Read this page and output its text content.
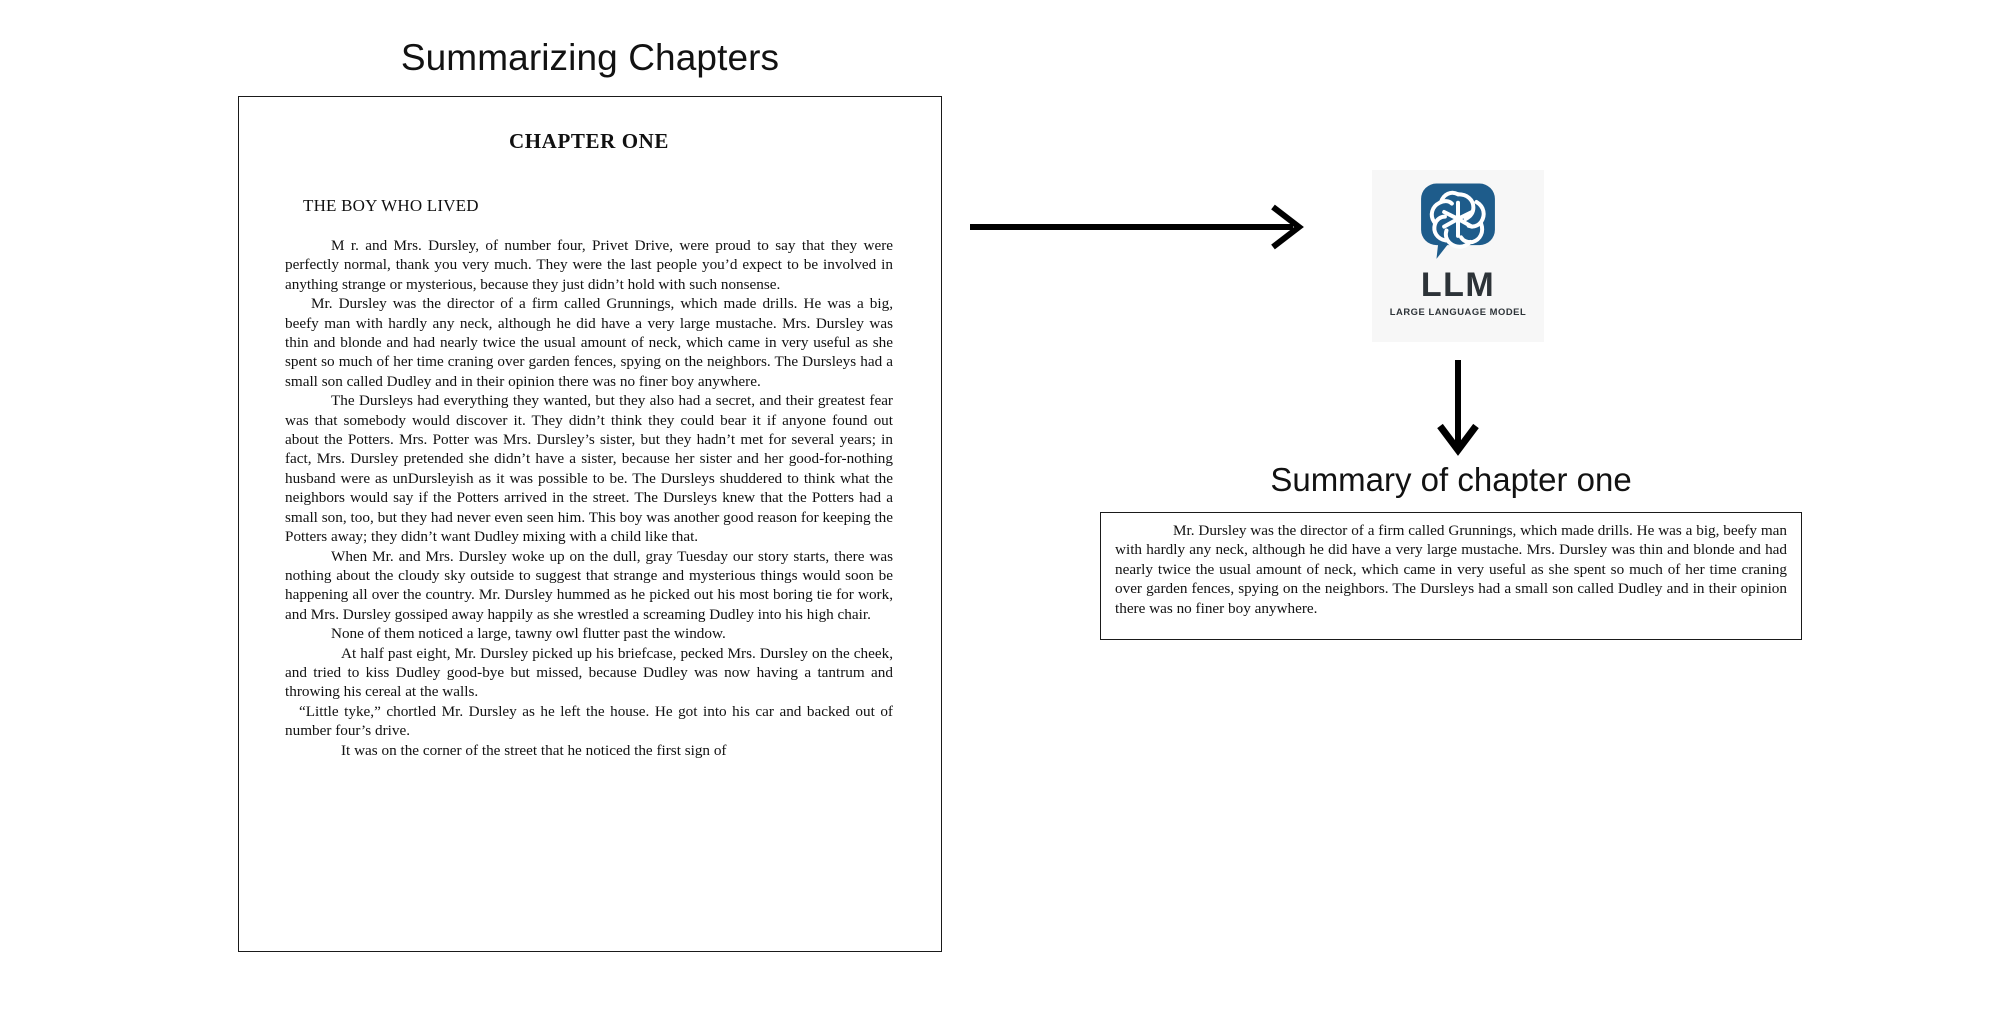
Summarizing Chapters
CHAPTER ONE
THE BOY WHO LIVED

M r. and Mrs. Dursley, of number four, Privet Drive, were proud to say that they were perfectly normal, thank you very much. They were the last people you’d expect to be involved in anything strange or mysterious, because they just didn’t hold with such nonsense.

Mr. Dursley was the director of a firm called Grunnings, which made drills. He was a big, beefy man with hardly any neck, although he did have a very large mustache. Mrs. Dursley was thin and blonde and had nearly twice the usual amount of neck, which came in very useful as she spent so much of her time craning over garden fences, spying on the neighbors. The Dursleys had a small son called Dudley and in their opinion there was no finer boy anywhere.

The Dursleys had everything they wanted, but they also had a secret, and their greatest fear was that somebody would discover it. They didn’t think they could bear it if anyone found out about the Potters. Mrs. Potter was Mrs. Dursley’s sister, but they hadn’t met for several years; in fact, Mrs. Dursley pretended she didn’t have a sister, because her sister and her good-for-nothing husband were as unDursleyish as it was possible to be. The Dursleys shuddered to think what the neighbors would say if the Potters arrived in the street. The Dursleys knew that the Potters had a small son, too, but they had never even seen him. This boy was another good reason for keeping the Potters away; they didn’t want Dudley mixing with a child like that.

When Mr. and Mrs. Dursley woke up on the dull, gray Tuesday our story starts, there was nothing about the cloudy sky outside to suggest that strange and mysterious things would soon be happening all over the country. Mr. Dursley hummed as he picked out his most boring tie for work, and Mrs. Dursley gossiped away happily as she wrestled a screaming Dudley into his high chair.

None of them noticed a large, tawny owl flutter past the window.

At half past eight, Mr. Dursley picked up his briefcase, pecked Mrs. Dursley on the cheek, and tried to kiss Dudley good-bye but missed, because Dudley was now having a tantrum and throwing his cereal at the walls.

“Little tyke,” chortled Mr. Dursley as he left the house. He got into his car and backed out of number four’s drive.

It was on the corner of the street that he noticed the first sign of

LLM
LARGE LANGUAGE MODEL
Summary of chapter one

Mr. Dursley was the director of a firm called Grunnings, which made drills. He was a big, beefy man with hardly any neck, although he did have a very large mustache. Mrs. Dursley was thin and blonde and had nearly twice the usual amount of neck, which came in very useful as she spent so much of her time craning over garden fences, spying on the neighbors. The Dursleys had a small son called Dudley and in their opinion there was no finer boy anywhere.
